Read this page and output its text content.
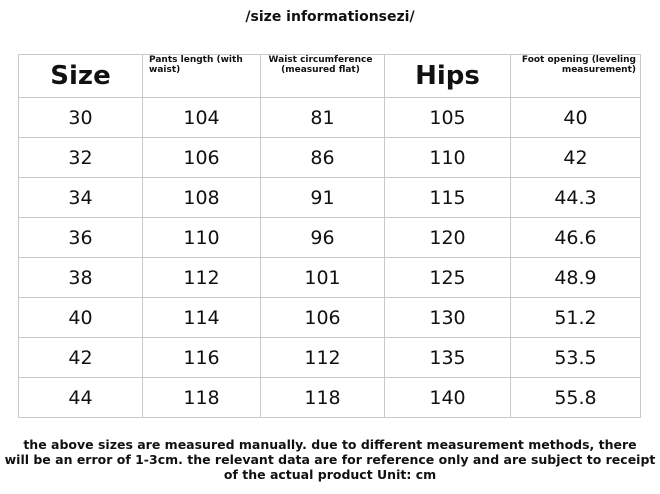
/size informationsezi/
Size	Pants length (with waist)	Waist circumference (measured flat)	Hips	Foot opening (leveling measurement)

30	104	81	105	40
32	106	86	110	42
34	108	91	115	44.3
36	110	96	120	46.6
38	112	101	125	48.9
40	114	106	130	51.2
42	116	112	135	53.5
44	118	118	140	55.8
the above sizes are measured manually. due to different measurement methods, there
will be an error of 1-3cm. the relevant data are for reference only and are subject to receipt
of the actual product Unit: cm
